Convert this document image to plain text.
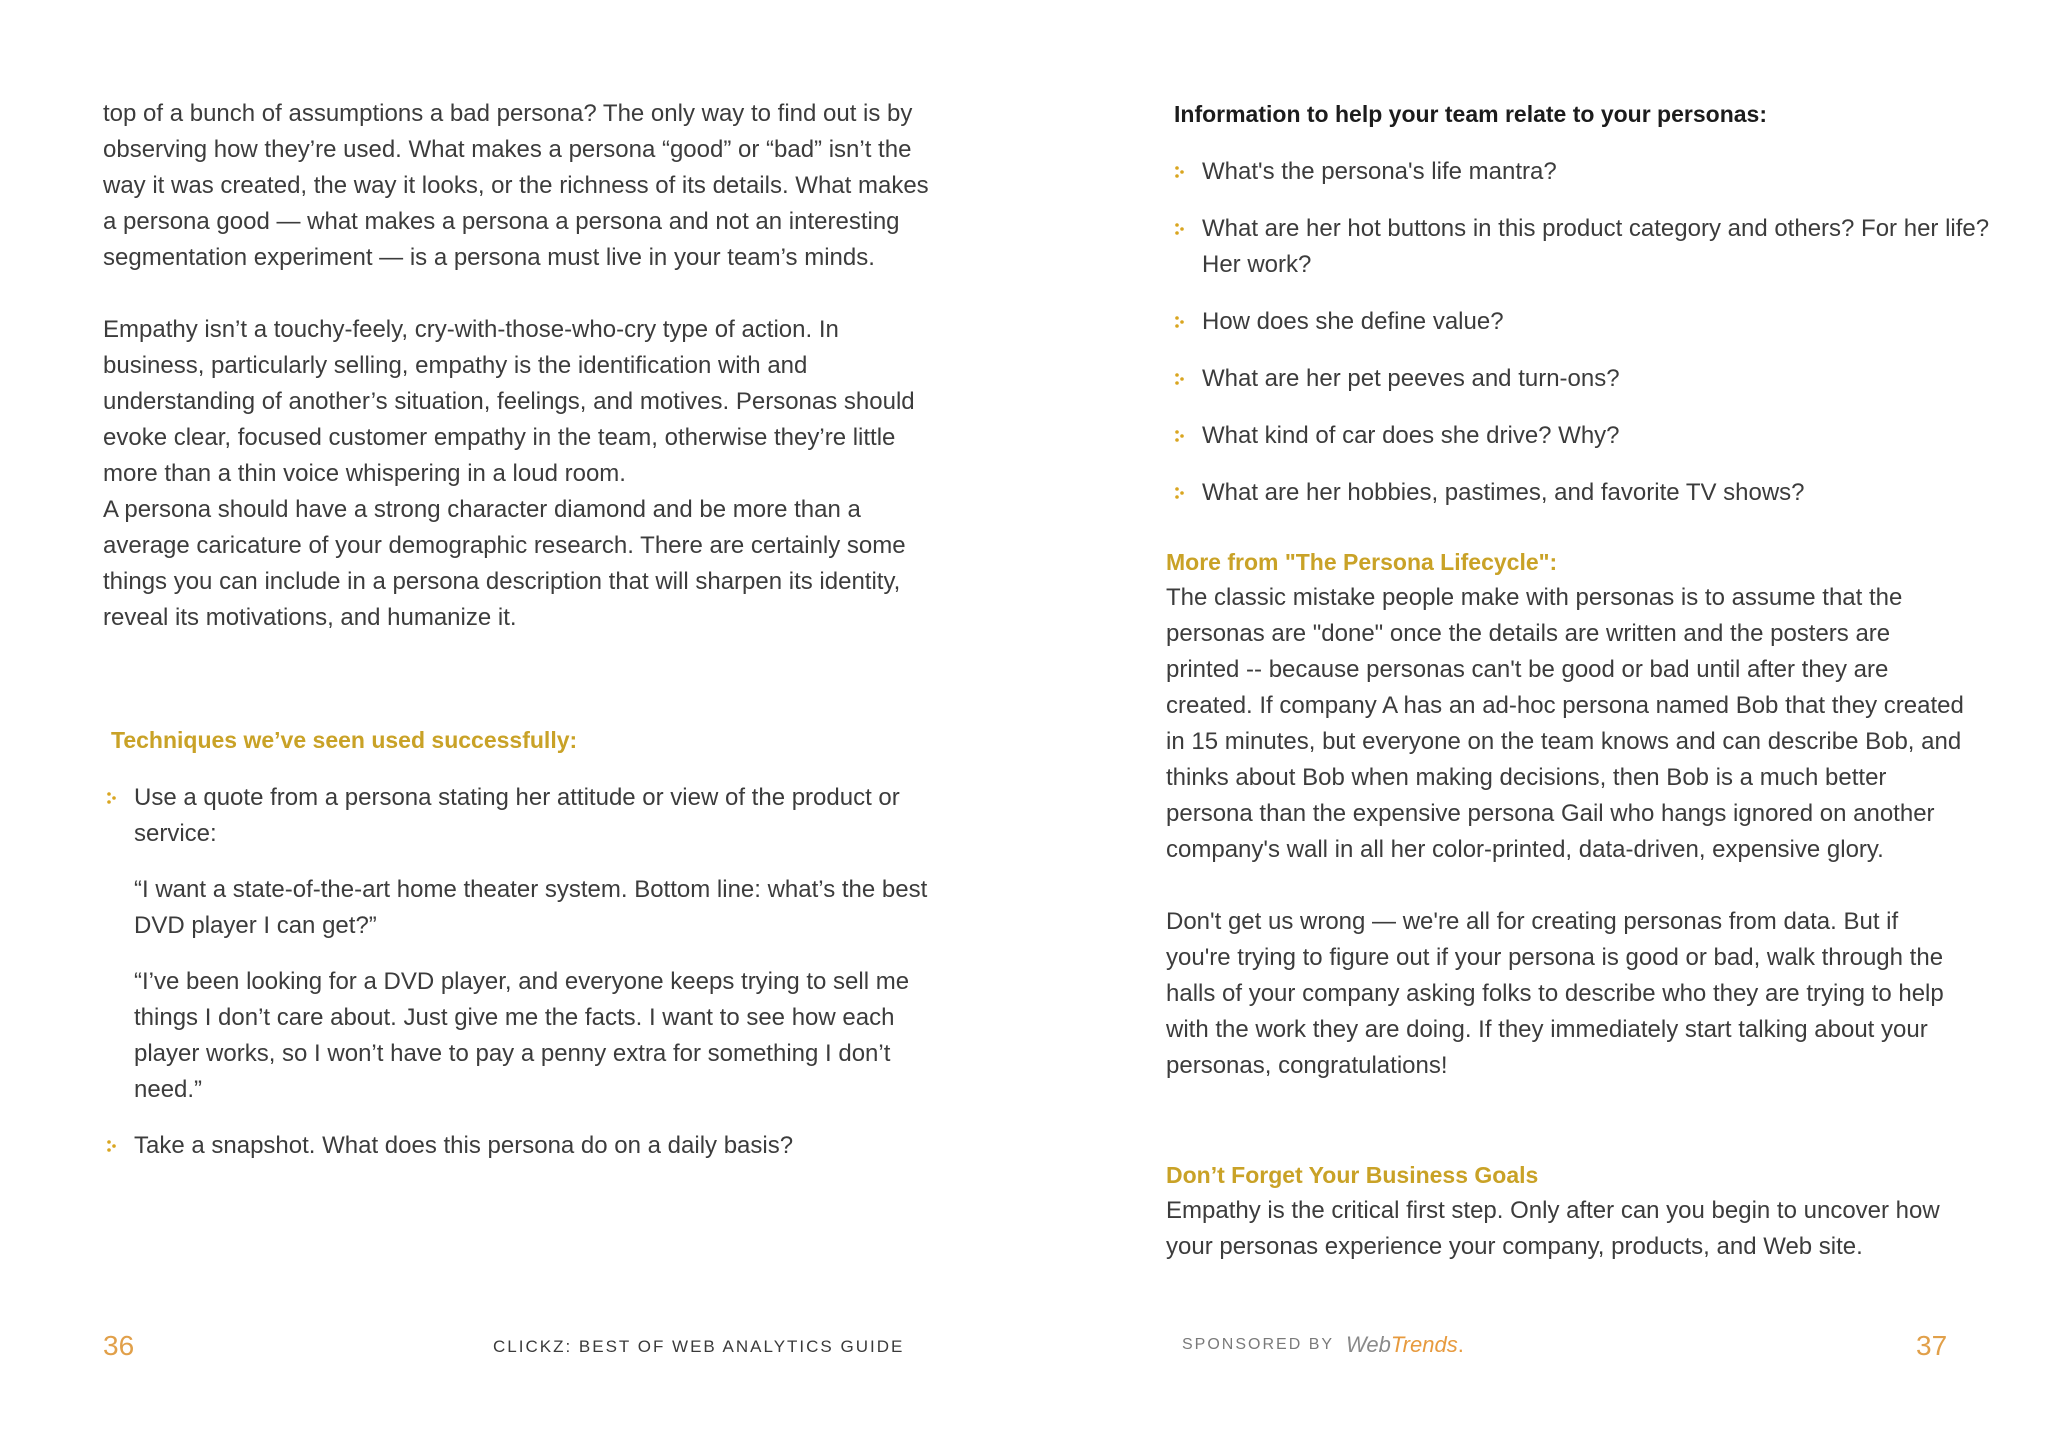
top of a bunch of assumptions a bad persona? The only way to find out is by observing how they’re used. What makes a persona “good” or “bad” isn’t the way it was created, the way it looks, or the richness of its details. What makes a persona good — what makes a persona a persona and not an interesting segmentation experiment — is a persona must live in your team’s minds.

Empathy isn’t a touchy-feely, cry-with-those-who-cry type of action. In business, particularly selling, empathy is the identification with and understanding of another’s situation, feelings, and motives. Personas should evoke clear, focused customer empathy in the team, otherwise they’re little more than a thin voice whispering in a loud room.

A persona should have a strong character diamond and be more than a average caricature of your demographic research. There are certainly some things you can include in a persona description that will sharpen its identity, reveal its motivations, and humanize it.

Techniques we’ve seen used successfully:
Use a quote from a persona stating her attitude or view of the product or service:
“I want a state-of-the-art home theater system. Bottom line: what’s the best DVD player I can get?”
“I’ve been looking for a DVD player, and everyone keeps trying to sell me things I don’t care about. Just give me the facts. I want to see how each player works, so I won’t have to pay a penny extra for something I don’t need.”
Take a snapshot. What does this persona do on a daily basis?
36	CLICKZ: BEST OF WEB ANALYTICS GUIDE
Information to help your team relate to your personas:
What's the persona's life mantra?
What are her hot buttons in this product category and others? For her life? Her work?
How does she define value?
What are her pet peeves and turn-ons?
What kind of car does she drive? Why?
What are her hobbies, pastimes, and favorite TV shows?
More from "The Persona Lifecycle":

The classic mistake people make with personas is to assume that the personas are "done" once the details are written and the posters are printed -- because personas can't be good or bad until after they are created. If company A has an ad-hoc persona named Bob that they created in 15 minutes, but everyone on the team knows and can describe Bob, and thinks about Bob when making decisions, then Bob is a much better persona than the expensive persona Gail who hangs ignored on another company's wall in all her color-printed, data-driven, expensive glory.

Don't get us wrong — we're all for creating personas from data. But if you're trying to figure out if your persona is good or bad, walk through the halls of your company asking folks to describe who they are trying to help with the work they are doing. If they immediately start talking about your personas, congratulations!

Don’t Forget Your Business Goals

Empathy is the critical first step. Only after can you begin to uncover how your personas experience your company, products, and Web site.

SPONSORED BY WebTrends.	37
